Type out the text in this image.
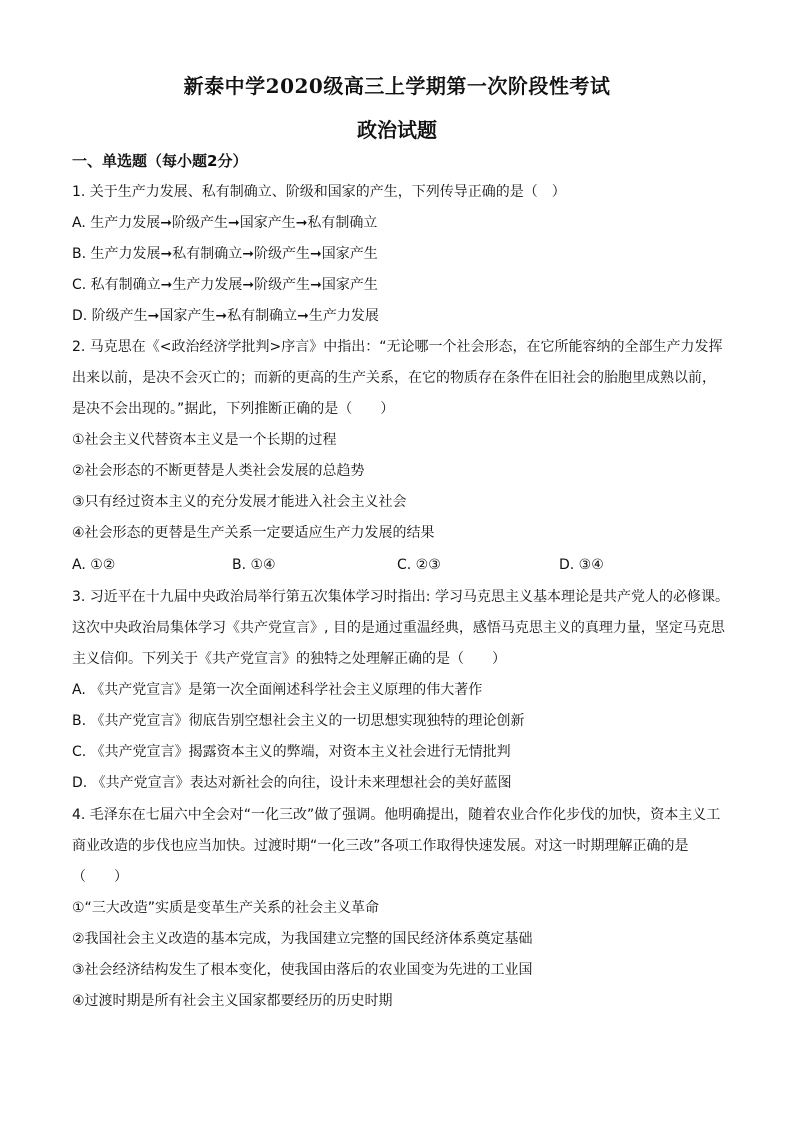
新泰中学2020级高三上学期第一次阶段性考试
政治试题
一、单选题（每小题2分）
1. 关于生产力发展、私有制确立、阶级和国家的产生，下列传导正确的是（　）
A. 生产力发展➞阶级产生➞国家产生➞私有制确立
B. 生产力发展➞私有制确立➞阶级产生➞国家产生
C. 私有制确立➞生产力发展➞阶级产生➞国家产生
D. 阶级产生➞国家产生➞私有制确立➞生产力发展
2. 马克思在《<政治经济学批判>序言》中指出：“无论哪一个社会形态，在它所能容纳的全部生产力发挥
出来以前，是决不会灭亡的；而新的更高的生产关系，在它的物质存在条件在旧社会的胎胞里成熟以前，
是决不会出现的。”据此，下列推断正确的是（　　）
①社会主义代替资本主义是一个长期的过程
②社会形态的不断更替是人类社会发展的总趋势
③只有经过资本主义的充分发展才能进入社会主义社会
④社会形态的更替是生产关系一定要适应生产力发展的结果
A. ①②	B. ①④	C. ②③	D. ③④
3. 习近平在十九届中央政治局举行第五次集体学习时指出: 学习马克思主义基本理论是共产党人的必修课。
这次中央政治局集体学习《共产党宣言》, 目的是通过重温经典，感悟马克思主义的真理力量，坚定马克思
主义信仰。下列关于《共产党宣言》的独特之处理解正确的是（　　）
A. 《共产党宣言》是第一次全面阐述科学社会主义原理的伟大著作
B. 《共产党宣言》彻底告别空想社会主义的一切思想实现独特的理论创新
C. 《共产党宣言》揭露资本主义的弊端，对资本主义社会进行无情批判
D. 《共产党宣言》表达对新社会的向往，设计未来理想社会的美好蓝图
4. 毛泽东在七届六中全会对“一化三改”做了强调。他明确提出，随着农业合作化步伐的加快，资本主义工
商业改造的步伐也应当加快。过渡时期“一化三改”各项工作取得快速发展。对这一时期理解正确的是
（　　）
①“三大改造”实质是变革生产关系的社会主义革命
②我国社会主义改造的基本完成，为我国建立完整的国民经济体系奠定基础
③社会经济结构发生了根本变化，使我国由落后的农业国变为先进的工业国
④过渡时期是所有社会主义国家都要经历的历史时期
